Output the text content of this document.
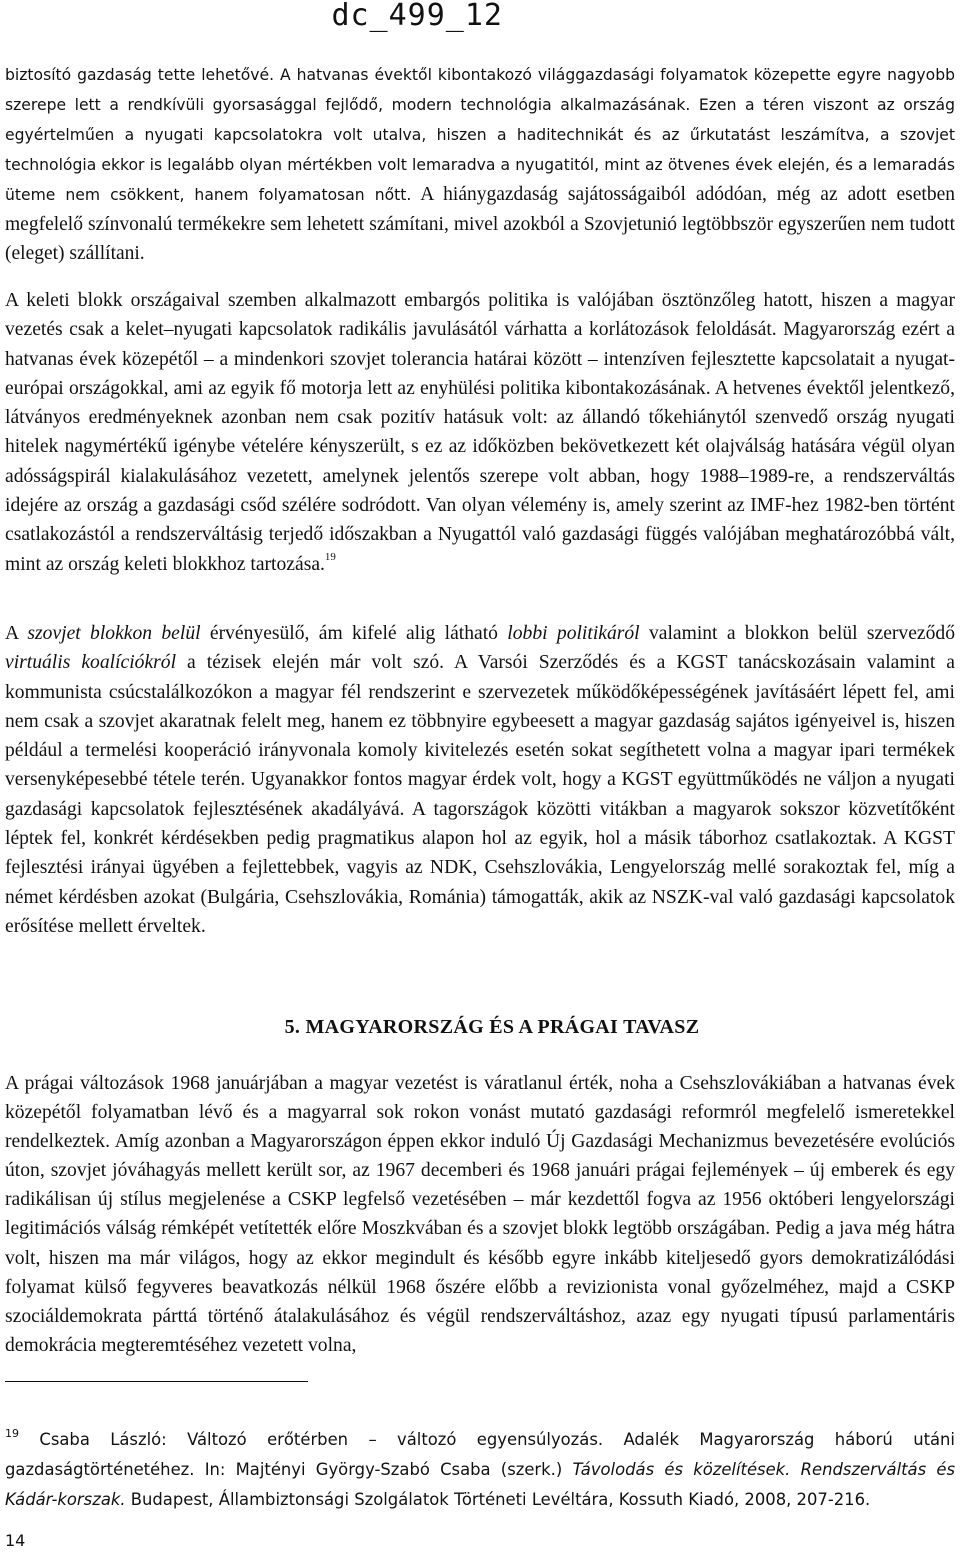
dc_499_12
biztosító gazdaság tette lehetővé. A hatvanas évektől kibontakozó világgazdasági folyamatok közepette egyre nagyobb szerepe lett a rendkívüli gyorsasággal fejlődő, modern technológia alkalmazásának. Ezen a téren viszont az ország egyértelműen a nyugati kapcsolatokra volt utalva, hiszen a haditechnikát és az űrkutatást leszámítva, a szovjet technológia ekkor is legalább olyan mértékben volt lemaradva a nyugatitól, mint az ötvenes évek elején, és a lemaradás üteme nem csökkent, hanem folyamatosan nőtt. A hiánygazdaság sajátosságaiból adódóan, még az adott esetben megfelelő színvonalú termékekre sem lehetett számítani, mivel azokból a Szovjetunió legtöbbször egyszerűen nem tudott (eleget) szállítani.
A keleti blokk országaival szemben alkalmazott embargós politika is valójában ösztönzőleg hatott, hiszen a magyar vezetés csak a kelet–nyugati kapcsolatok radikális javulásától várhatta a korlátozások feloldását. Magyarország ezért a hatvanas évek közepétől – a mindenkori szovjet tolerancia határai között – intenzíven fejlesztette kapcsolatait a nyugat-európai országokkal, ami az egyik fő motorja lett az enyhülési politika kibontakozásának. A hetvenes évektől jelentkező, látványos eredményeknek azonban nem csak pozitív hatásuk volt: az állandó tőkehiánytól szenvedő ország nyugati hitelek nagymértékű igénybe vételére kényszerült, s ez az időközben bekövetkezett két olajválság hatására végül olyan adósságspirál kialakulásához vezetett, amelynek jelentős szerepe volt abban, hogy 1988–1989-re, a rendszerváltás idejére az ország a gazdasági csőd szélére sodródott. Van olyan vélemény is, amely szerint az IMF-hez 1982-ben történt csatlakozástól a rendszerváltásig terjedő időszakban a Nyugattól való gazdasági függés valójában meghatározóbbá vált, mint az ország keleti blokkhoz tartozása.$^{19}$
A szovjet blokkon belül érvényesülő, ám kifelé alig látható lobbi politikáról valamint a blokkon belül szerveződő virtuális koalíciókról a tézisek elején már volt szó. A Varsói Szerződés és a KGST tanácskozásain valamint a kommunista csúcstalálkozókon a magyar fél rendszerint e szervezetek működőképességének javításáért lépett fel, ami nem csak a szovjet akaratnak felelt meg, hanem ez többnyire egybeesett a magyar gazdaság sajátos igényeivel is, hiszen például a termelési kooperáció irányvonala komoly kivitelezés esetén sokat segíthetett volna a magyar ipari termékek versenyképesebbé tétele terén. Ugyanakkor fontos magyar érdek volt, hogy a KGST együttműködés ne váljon a nyugati gazdasági kapcsolatok fejlesztésének akadályává. A tagországok közötti vitákban a magyarok sokszor közvetítőként léptek fel, konkrét kérdésekben pedig pragmatikus alapon hol az egyik, hol a másik táborhoz csatlakoztak. A KGST fejlesztési irányai ügyében a fejlettebbek, vagyis az NDK, Csehszlovákia, Lengyelország mellé sorakoztak fel, míg a német kérdésben azokat (Bulgária, Csehszlovákia, Románia) támogatták, akik az NSZK-val való gazdasági kapcsolatok erősítése mellett érveltek.
5. MAGYARORSZÁG ÉS A PRÁGAI TAVASZ
A prágai változások 1968 januárjában a magyar vezetést is váratlanul érték, noha a Csehszlovákiában a hatvanas évek közepétől folyamatban lévő és a magyarral sok rokon vonást mutató gazdasági reformról megfelelő ismeretekkel rendelkeztek. Amíg azonban a Magyarországon éppen ekkor induló Új Gazdasági Mechanizmus bevezetésére evolúciós úton, szovjet jóváhagyás mellett került sor, az 1967 decemberi és 1968 januári prágai fejlemények – új emberek és egy radikálisan új stílus megjelenése a CSKP legfelső vezetésében – már kezdettől fogva az 1956 októberi lengyelországi legitimációs válság rémképét vetítették előre Moszkvában és a szovjet blokk legtöbb országában. Pedig a java még hátra volt, hiszen ma már világos, hogy az ekkor megindult és később egyre inkább kiteljesedő gyors demokratizálódási folyamat külső fegyveres beavatkozás nélkül 1968 őszére előbb a revizionista vonal győzelméhez, majd a CSKP szociáldemokrata párttá történő átalakulásához és végül rendszerváltáshoz, azaz egy nyugati típusú parlamentáris demokrácia megteremtéséhez vezetett volna,
$^{19}$ Csaba László: Változó erőtérben – változó egyensúlyozás. Adalék Magyarország háború utáni gazdaságtörténetéhez. In: Majtényi György-Szabó Csaba (szerk.) Távolodás és közelítések. Rendszerváltás és Kádár-korszak. Budapest, Állambiztonsági Szolgálatok Történeti Levéltára, Kossuth Kiadó, 2008, 207-216.
14
